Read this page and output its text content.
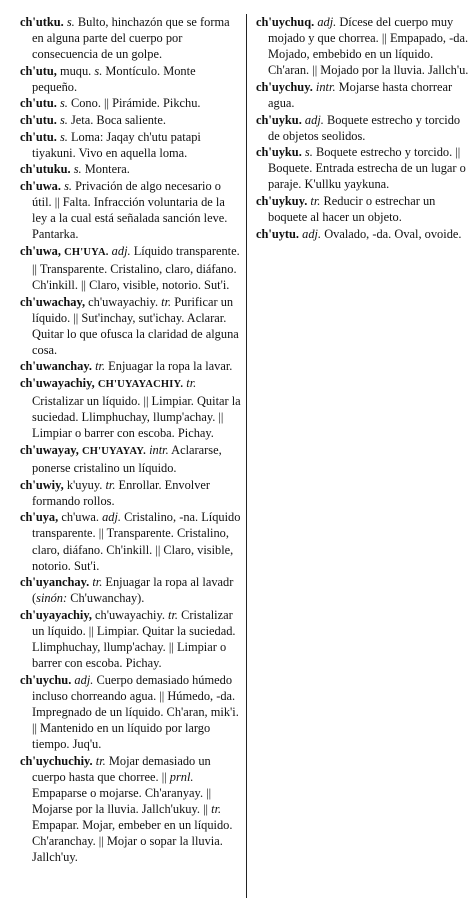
ch'utku. s. Bulto, hinchazón que se forma en alguna parte del cuerpo por consecuencia de un golpe.
ch'utu, muqu. s. Montículo. Monte pequeño.
ch'utu. s. Cono. || Pirámide. Pikchu.
ch'utu. s. Jeta. Boca saliente.
ch'utu. s. Loma: Jaqay ch'utu patapi tiyakuni. Vivo en aquella loma.
ch'utuku. s. Montera.
ch'uwa. s. Privación de algo necesario o útil. || Falta. Infracción voluntaria de la ley a la cual está señalada sanción leve. Pantarka.
ch'uwa, CH'UYA. adj. Líquido transparente. || Transparente. Cristalino, claro, diáfano. Ch'inkill. || Claro, visible, notorio. Sut'i.
ch'uwachay, ch'uwayachiy. tr. Purificar un líquido. || Sut'inchay, sut'ichay. Aclarar. Quitar lo que ofusca la claridad de alguna cosa.
ch'uwanchay. tr. Enjuagar la ropa la lavar.
ch'uwayachiy, CH'UYAYACHIY. tr. Cristalizar un líquido. || Limpiar. Quitar la suciedad. Llimphuchay, llump'achay. || Limpiar o barrer con escoba. Pichay.
ch'uwayay, CH'UYAYAY. intr. Aclararse, ponerse cristalino un líquido.
ch'uwiy, k'uyuy. tr. Enrollar. Envolver formando rollos.
ch'uya, ch'uwa. adj. Cristalino, -na. Líquido transparente. || Transparente. Cristalino, claro, diáfano. Ch'inkill. || Claro, visible, notorio. Sut'i.
ch'uyanchay. tr. Enjuagar la ropa al lavadr (sinón: Ch'uwanchay).
ch'uyayachiy, ch'uwayachiy. tr. Cristalizar un líquido. || Limpiar. Quitar la suciedad. Llimphuchay, llump'achay. || Limpiar o barrer con escoba. Pichay.
ch'uychu. adj. Cuerpo demasiado húmedo incluso chorreando agua. || Húmedo, -da. Impregnado de un líquido. Ch'aran, mik'i. || Mantenido en un líquido por largo tiempo. Juq'u.
ch'uychuchiy. tr. Mojar demasiado un cuerpo hasta que chorree. || prnl. Empaparse o mojarse. Ch'aranyay. || Mojarse por la lluvia. Jallch'ukuy. || tr. Empapar. Mojar, embeber en un líquido. Ch'aranchay. || Mojar o sopar la lluvia. Jallch'uy.
ch'uychuq. adj. Dícese del cuerpo muy mojado y que chorrea. || Empapado, -da. Mojado, embebido en un líquido. Ch'aran. || Mojado por la lluvia. Jallch'u.
ch'uychuy. intr. Mojarse hasta chorrear agua.
ch'uyku. adj. Boquete estrecho y torcido de objetos seolidos.
ch'uyku. s. Boquete estrecho y torcido. || Boquete. Entrada estrecha de un lugar o paraje. K'ullku yaykuna.
ch'uykuy. tr. Reducir o estrechar un boquete al hacer un objeto.
ch'uytu. adj. Ovalado, -da. Oval, ovoide.
